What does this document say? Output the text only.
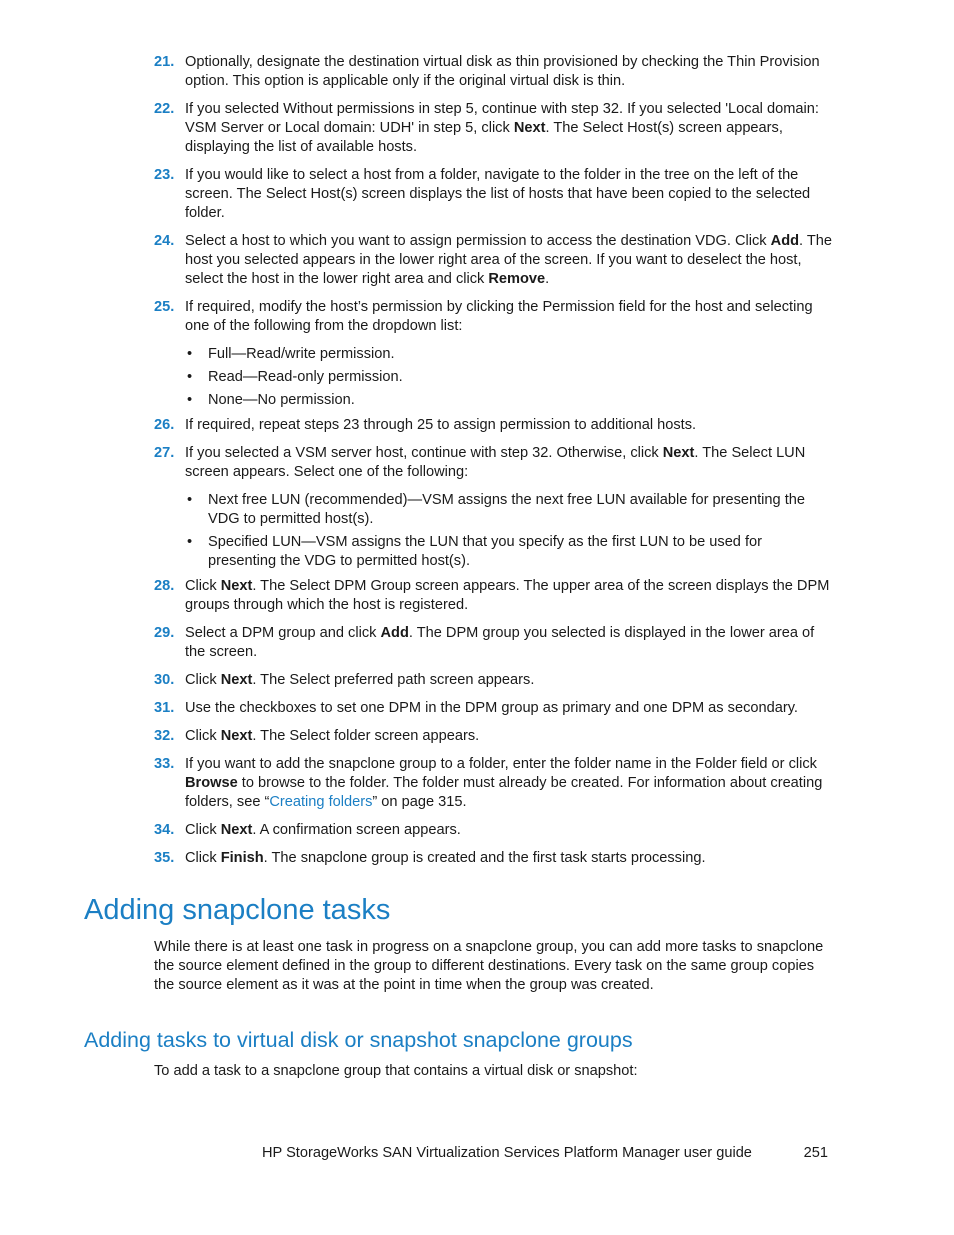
21. Optionally, designate the destination virtual disk as thin provisioned by checking the Thin Provision option. This option is applicable only if the original virtual disk is thin.
22. If you selected Without permissions in step 5, continue with step 32. If you selected 'Local domain: VSM Server or Local domain: UDH' in step 5, click Next. The Select Host(s) screen appears, displaying the list of available hosts.
23. If you would like to select a host from a folder, navigate to the folder in the tree on the left of the screen. The Select Host(s) screen displays the list of hosts that have been copied to the selected folder.
24. Select a host to which you want to assign permission to access the destination VDG. Click Add. The host you selected appears in the lower right area of the screen. If you want to deselect the host, select the host in the lower right area and click Remove.
25. If required, modify the host’s permission by clicking the Permission field for the host and selecting one of the following from the dropdown list:
• Full—Read/write permission.
• Read—Read-only permission.
• None—No permission.
26. If required, repeat steps 23 through 25 to assign permission to additional hosts.
27. If you selected a VSM server host, continue with step 32. Otherwise, click Next. The Select LUN screen appears. Select one of the following:
• Next free LUN (recommended)—VSM assigns the next free LUN available for presenting the VDG to permitted host(s).
• Specified LUN—VSM assigns the LUN that you specify as the first LUN to be used for presenting the VDG to permitted host(s).
28. Click Next. The Select DPM Group screen appears. The upper area of the screen displays the DPM groups through which the host is registered.
29. Select a DPM group and click Add. The DPM group you selected is displayed in the lower area of the screen.
30. Click Next. The Select preferred path screen appears.
31. Use the checkboxes to set one DPM in the DPM group as primary and one DPM as secondary.
32. Click Next. The Select folder screen appears.
33. If you want to add the snapclone group to a folder, enter the folder name in the Folder field or click Browse to browse to the folder. The folder must already be created. For information about creating folders, see “Creating folders” on page 315.
34. Click Next. A confirmation screen appears.
35. Click Finish. The snapclone group is created and the first task starts processing.
Adding snapclone tasks

While there is at least one task in progress on a snapclone group, you can add more tasks to snapclone the source element defined in the group to different destinations. Every task on the same group copies the source element as it was at the point in time when the group was created.

Adding tasks to virtual disk or snapshot snapclone groups

To add a task to a snapclone group that contains a virtual disk or snapshot:

HP StorageWorks SAN Virtualization Services Platform Manager user guide	251
